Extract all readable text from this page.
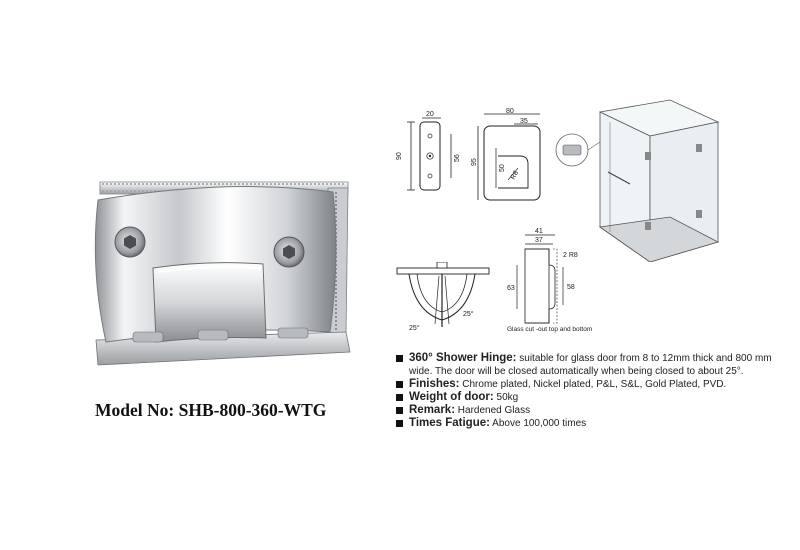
Model No: SHB-800-360-WTG
90
20
56
80
35
95
50
R8
25°
25°
41
37
2 R8
63	58
Glass cut -out top and bottom

360° Shower Hinge: suitable for glass door from 8 to 12mm thick and 800 mm wide. The door will be closed automatically when being closed to about 25°.

Finishes: Chrome plated, Nickel plated, P&L, S&L, Gold Plated, PVD.

Weight of door: 50kg

Remark: Hardened Glass

Times Fatigue: Above 100,000 times
